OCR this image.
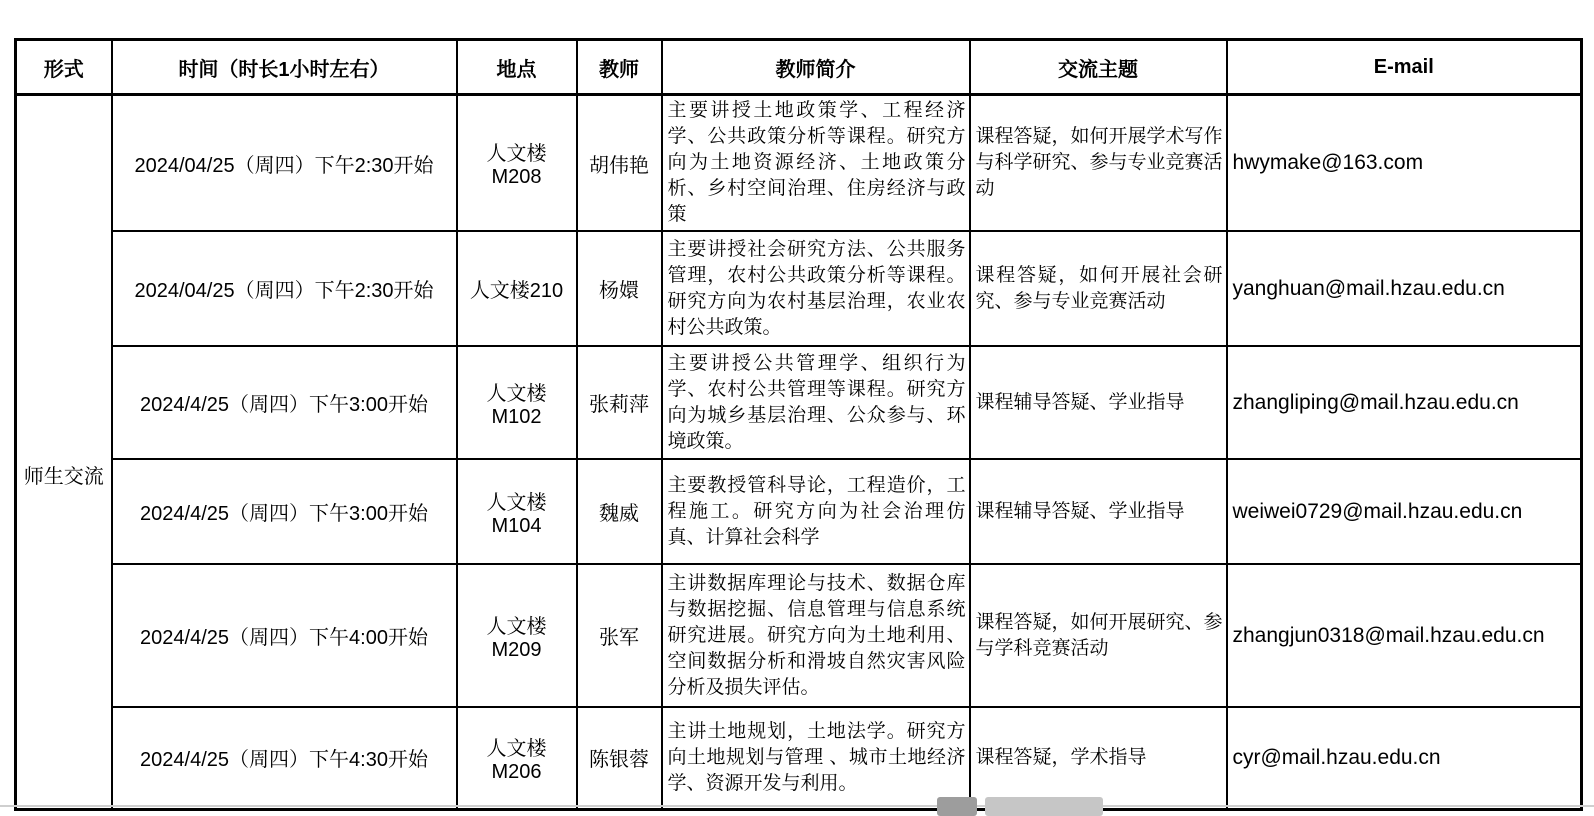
形式	时间（时长1小时左右）	地点	教师	教师简介	交流主题	E-mail
师生交流	2024/04/25（周四）下午2:30开始	人文楼M208	胡伟艳	主要讲授土地政策学、工程经济学、公共政策分析等课程。研究方向为土地资源经济、土地政策分析、乡村空间治理、住房经济与政策	课程答疑，如何开展学术写作与科学研究、参与专业竞赛活动	hwymake@163.com
	2024/04/25（周四）下午2:30开始	人文楼210	杨嬛	主要讲授社会研究方法、公共服务管理，农村公共政策分析等课程。研究方向为农村基层治理，农业农村公共政策。	课程答疑，如何开展社会研究、参与专业竞赛活动	yanghuan@mail.hzau.edu.cn
	2024/4/25（周四）下午3:00开始	人文楼M102	张莉萍	主要讲授公共管理学、组织行为学、农村公共管理等课程。研究方向为城乡基层治理、公众参与、环境政策。	课程辅导答疑、学业指导	zhangliping@mail.hzau.edu.cn
	2024/4/25（周四）下午3:00开始	人文楼M104	魏威	主要教授管科导论，工程造价，工程施工。研究方向为社会治理仿真、计算社会科学	课程辅导答疑、学业指导	weiwei0729@mail.hzau.edu.cn
	2024/4/25（周四）下午4:00开始	人文楼M209	张军	主讲数据库理论与技术、数据仓库与数据挖掘、信息管理与信息系统研究进展。研究方向为土地利用、空间数据分析和滑坡自然灾害风险分析及损失评估。	课程答疑，如何开展研究、参与学科竞赛活动	zhangjun0318@mail.hzau.edu.cn
	2024/4/25（周四）下午4:30开始	人文楼M206	陈银蓉	主讲土地规划，土地法学。研究方向土地规划与管理 、城市土地经济学、资源开发与利用。	课程答疑，学术指导	cyr@mail.hzau.edu.cn
